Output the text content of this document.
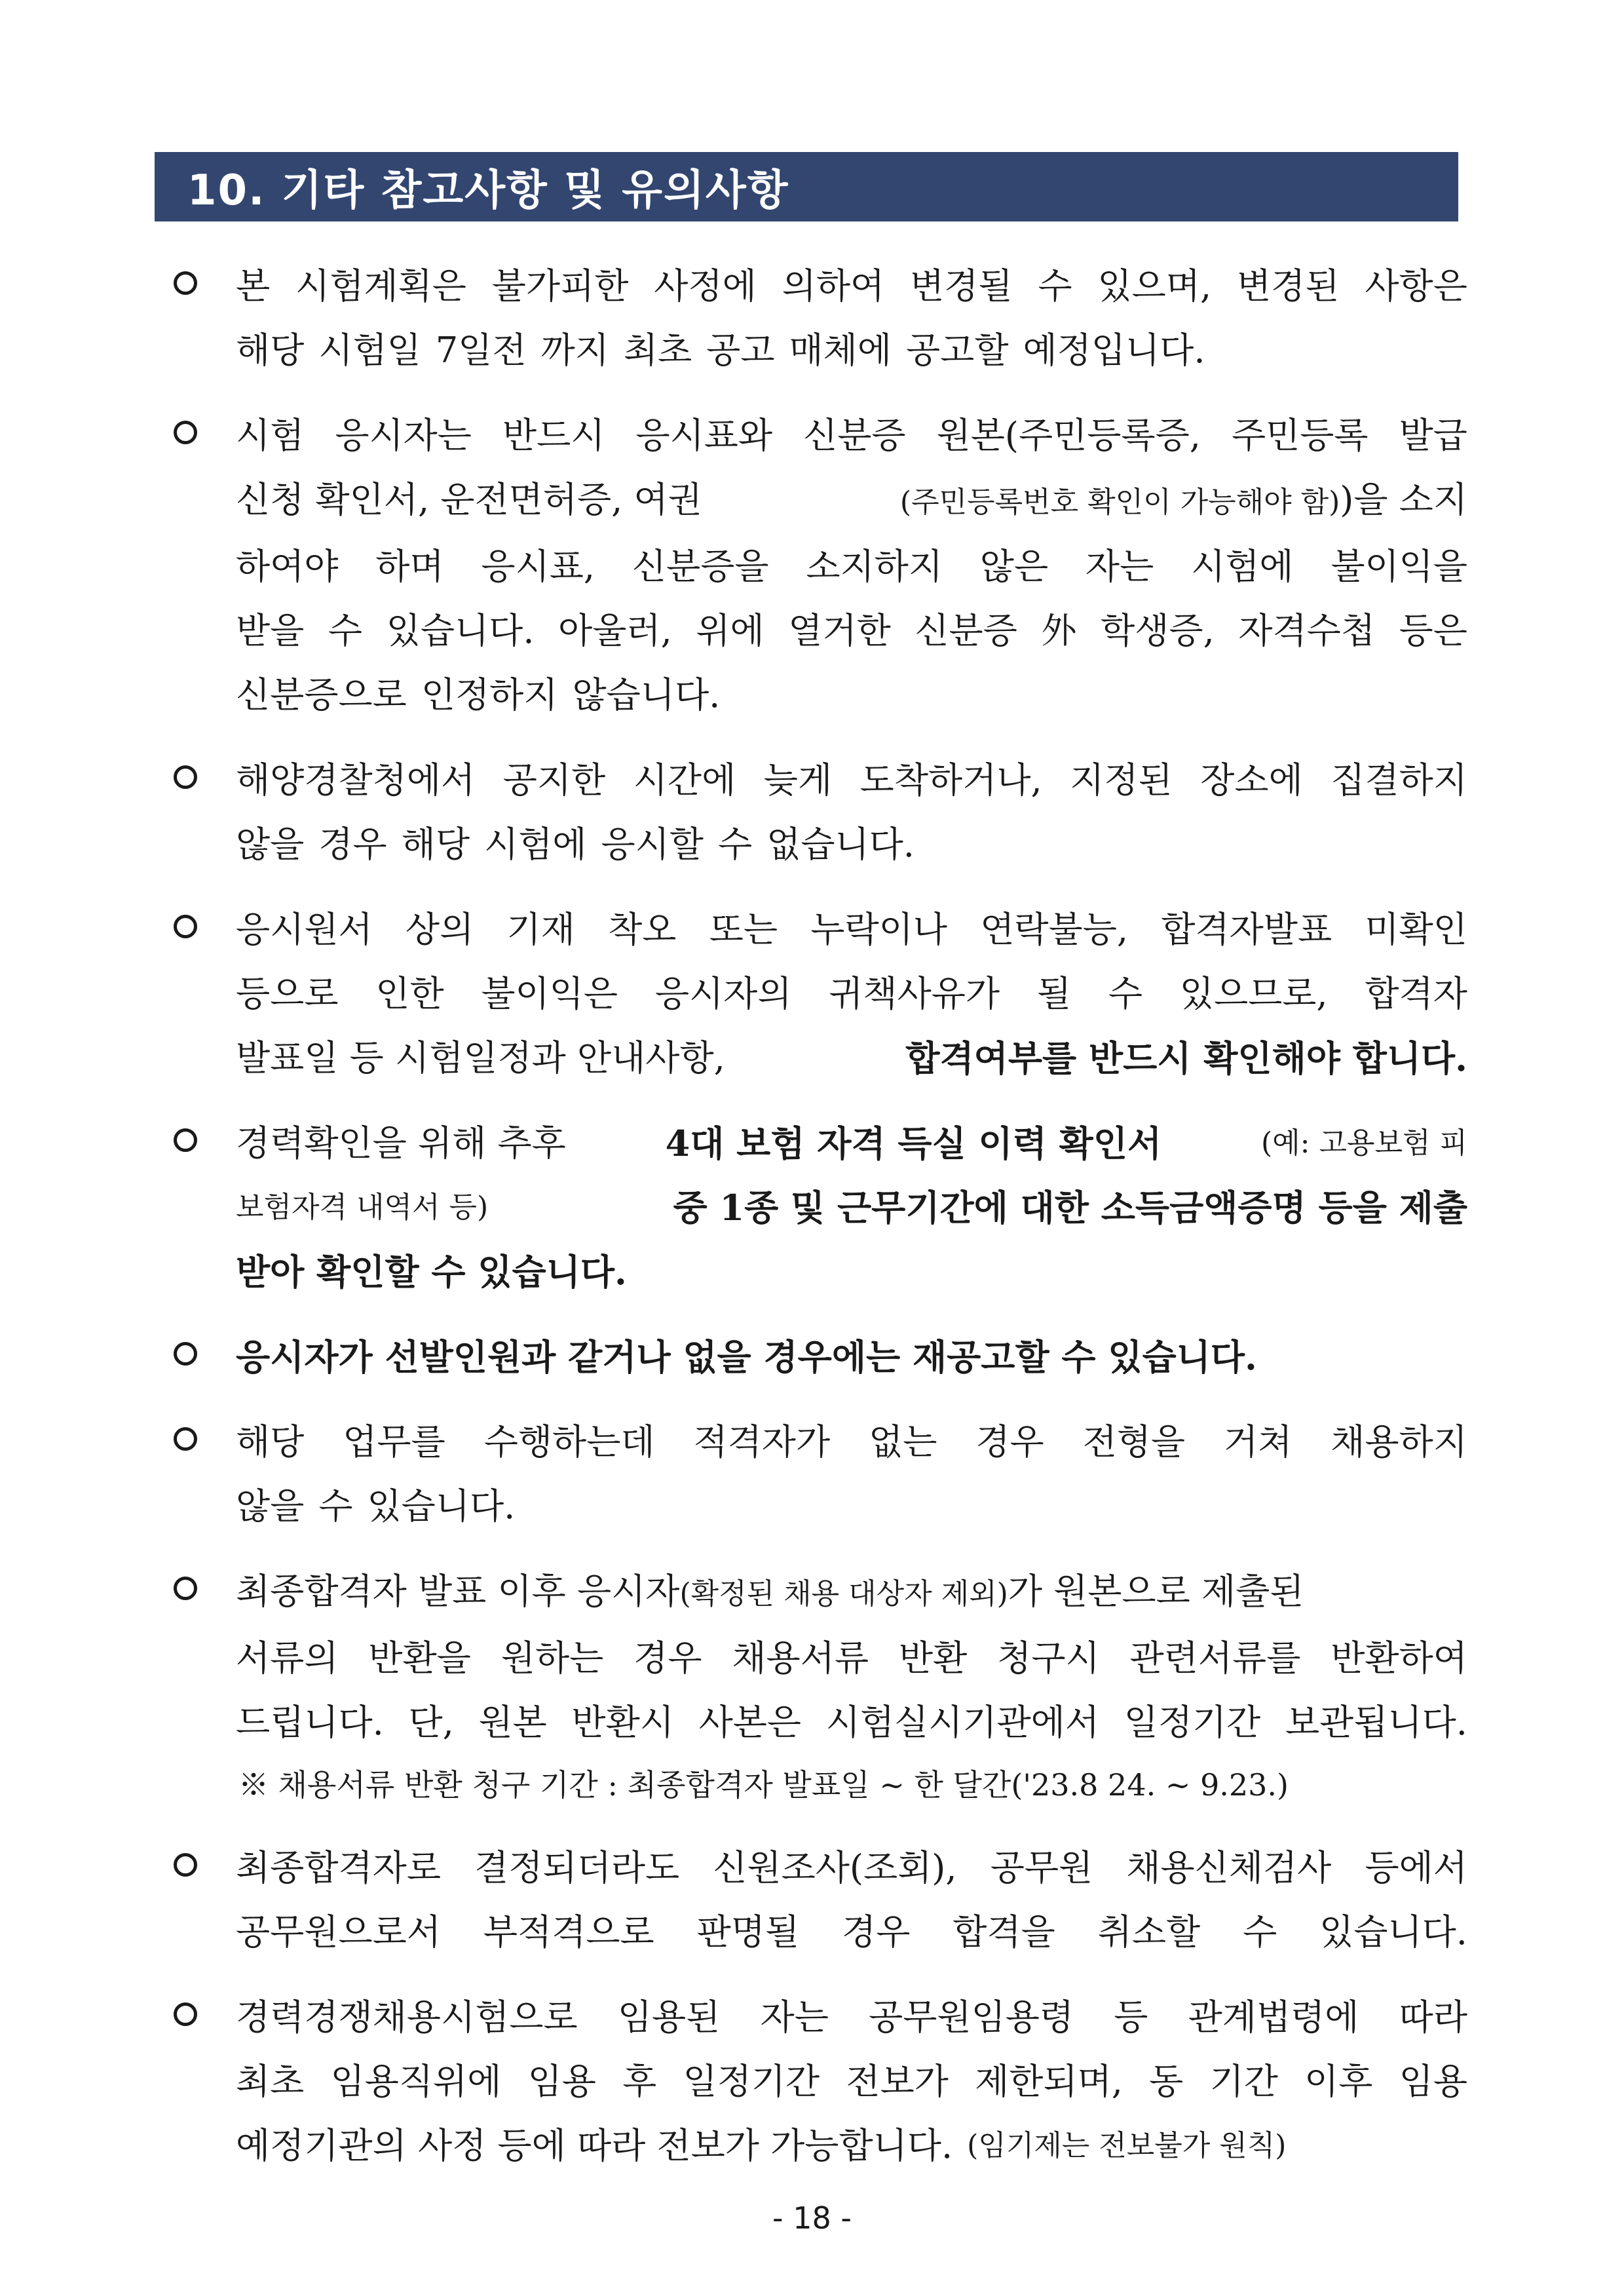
10. 기타 참고사항 및 유의사항
본 시험계획은 불가피한 사정에 의하여 변경될 수 있으며, 변경된 사항은
해당 시험일 7일전 까지 최초 공고 매체에 공고할 예정입니다.
시험 응시자는 반드시 응시표와 신분증 원본(주민등록증, 주민등록 발급
신청 확인서, 운전면허증, 여권	(주민등록번호 확인이 가능해야 함))을 소지
하여야 하며 응시표, 신분증을 소지하지 않은 자는 시험에 불이익을
받을 수 있습니다. 아울러, 위에 열거한 신분증 外 학생증, 자격수첩 등은
신분증으로 인정하지 않습니다.
해양경찰청에서 공지한 시간에 늦게 도착하거나, 지정된 장소에 집결하지
않을 경우 해당 시험에 응시할 수 없습니다.
응시원서 상의 기재 착오 또는 누락이나 연락불능, 합격자발표 미확인
등으로 인한 불이익은 응시자의 귀책사유가 될 수 있으므로, 합격자
발표일 등 시험일정과 안내사항,	합격여부를 반드시 확인해야 합니다.
경력확인을 위해 추후	4대 보험 자격 득실 이력 확인서	(예: 고용보험 피
보험자격 내역서 등)	중 1종 및 근무기간에 대한 소득금액증명 등을 제출
받아 확인할 수 있습니다.
응시자가 선발인원과 같거나 없을 경우에는 재공고할 수 있습니다.
해당 업무를 수행하는데 적격자가 없는 경우 전형을 거쳐 채용하지
않을 수 있습니다.
최종합격자 발표 이후 응시자(확정된 채용 대상자 제외)가 원본으로 제출된
서류의 반환을 원하는 경우 채용서류 반환 청구시 관련서류를 반환하여
드립니다. 단, 원본 반환시 사본은 시험실시기관에서 일정기간 보관됩니다.
※ 채용서류 반환 청구 기간 : 최종합격자 발표일 ~ 한 달간('23.8 24. ~ 9.23.)
최종합격자로 결정되더라도 신원조사(조회), 공무원 채용신체검사 등에서
공무원으로서 부적격으로 판명될 경우 합격을 취소할 수 있습니다.
경력경쟁채용시험으로 임용된 자는 공무원임용령 등 관계법령에 따라
최초 임용직위에 임용 후 일정기간 전보가 제한되며, 동 기간 이후 임용
예정기관의 사정 등에 따라 전보가 가능합니다. (임기제는 전보불가 원칙)
- 18 -
